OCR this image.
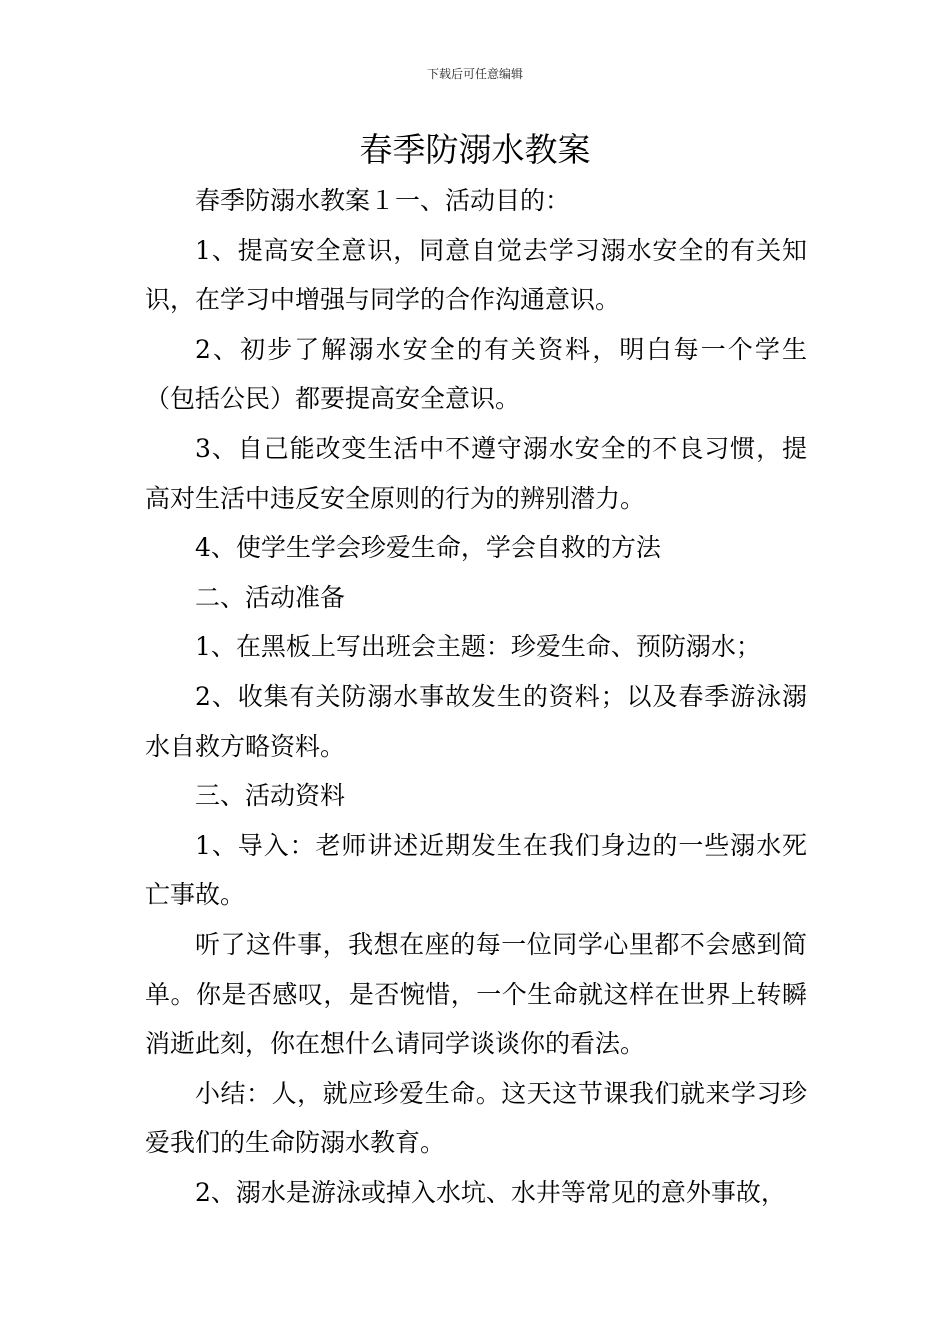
下载后可任意编辑
春季防溺水教案

春季防溺水教案１一、活动目的：

1、提高安全意识，同意自觉去学习溺水安全的有关知识，在学习中增强与同学的合作沟通意识。

2、初步了解溺水安全的有关资料，明白每一个学生（包括公民）都要提高安全意识。

3、自己能改变生活中不遵守溺水安全的不良习惯，提高对生活中违反安全原则的行为的辨别潜力。

4、使学生学会珍爱生命，学会自救的方法

二、活动准备

1、在黑板上写出班会主题：珍爱生命、预防溺水；

2、收集有关防溺水事故发生的资料；以及春季游泳溺水自救方略资料。

三、活动资料

1、导入：老师讲述近期发生在我们身边的一些溺水死亡事故。

听了这件事，我想在座的每一位同学心里都不会感到简单。你是否感叹，是否惋惜，一个生命就这样在世界上转瞬消逝此刻，你在想什么请同学谈谈你的看法。

小结：人，就应珍爱生命。这天这节课我们就来学习珍爱我们的生命防溺水教育。

2、溺水是游泳或掉入水坑、水井等常见的意外事故，
